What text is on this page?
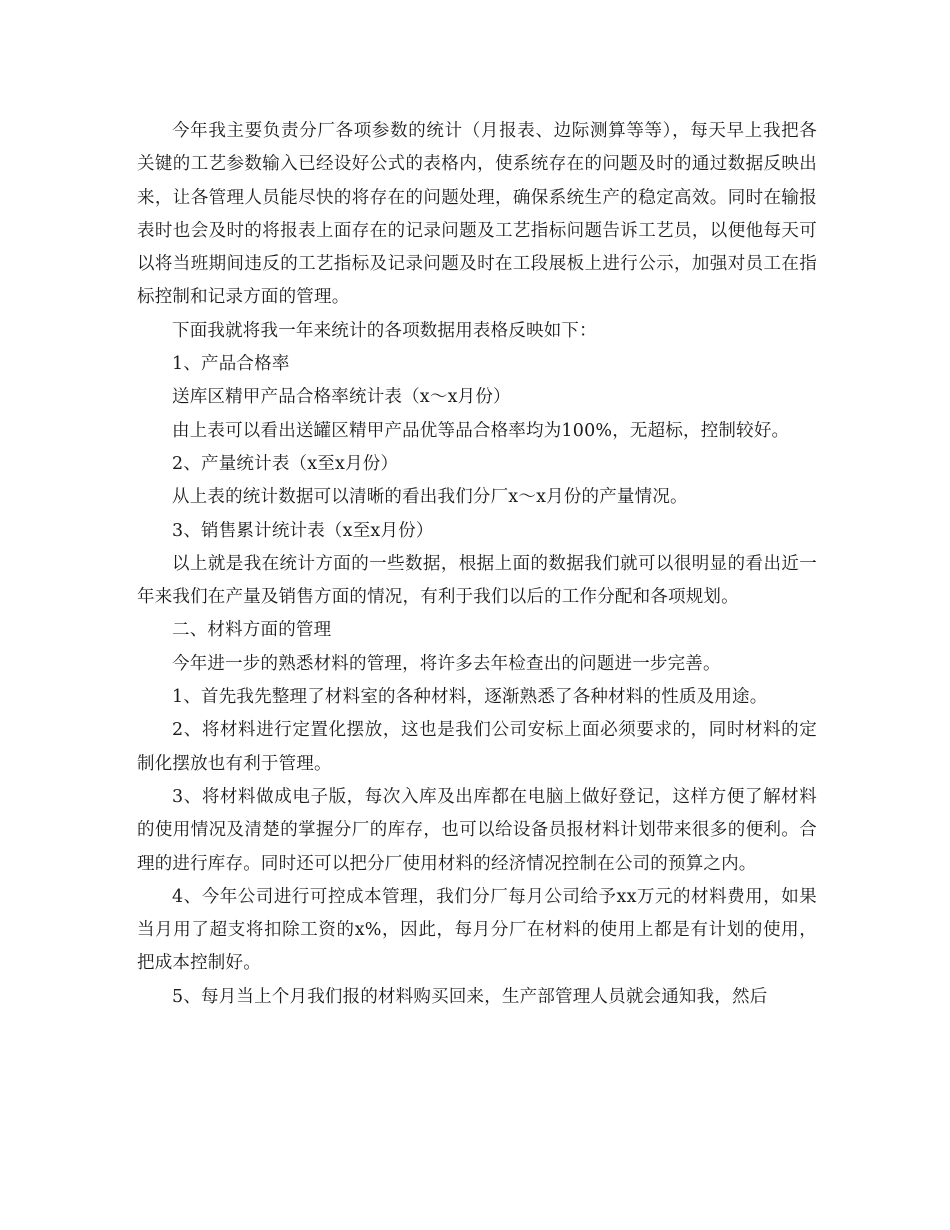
今年我主要负责分厂各项参数的统计（月报表、边际测算等等），每天早上我把各关键的工艺参数输入已经设好公式的表格内，使系统存在的问题及时的通过数据反映出来，让各管理人员能尽快的将存在的问题处理，确保系统生产的稳定高效。同时在输报表时也会及时的将报表上面存在的记录问题及工艺指标问题告诉工艺员，以便他每天可以将当班期间违反的工艺指标及记录问题及时在工段展板上进行公示，加强对员工在指标控制和记录方面的管理。

下面我就将我一年来统计的各项数据用表格反映如下：

1、产品合格率

送库区精甲产品合格率统计表（x～x月份）

由上表可以看出送罐区精甲产品优等品合格率均为100%，无超标，控制较好。

2、产量统计表（x至x月份）

从上表的统计数据可以清晰的看出我们分厂x～x月份的产量情况。

3、销售累计统计表（x至x月份）

以上就是我在统计方面的一些数据，根据上面的数据我们就可以很明显的看出近一年来我们在产量及销售方面的情况，有利于我们以后的工作分配和各项规划。

二、材料方面的管理

今年进一步的熟悉材料的管理，将许多去年检查出的问题进一步完善。

1、首先我先整理了材料室的各种材料，逐渐熟悉了各种材料的性质及用途。

2、将材料进行定置化摆放，这也是我们公司安标上面必须要求的，同时材料的定制化摆放也有利于管理。

3、将材料做成电子版，每次入库及出库都在电脑上做好登记，这样方便了解材料的使用情况及清楚的掌握分厂的库存，也可以给设备员报材料计划带来很多的便利。合理的进行库存。同时还可以把分厂使用材料的经济情况控制在公司的预算之内。

4、今年公司进行可控成本管理，我们分厂每月公司给予xx万元的材料费用，如果当月用了超支将扣除工资的x%，因此，每月分厂在材料的使用上都是有计划的使用，把成本控制好。

5、每月当上个月我们报的材料购买回来，生产部管理人员就会通知我，然后
